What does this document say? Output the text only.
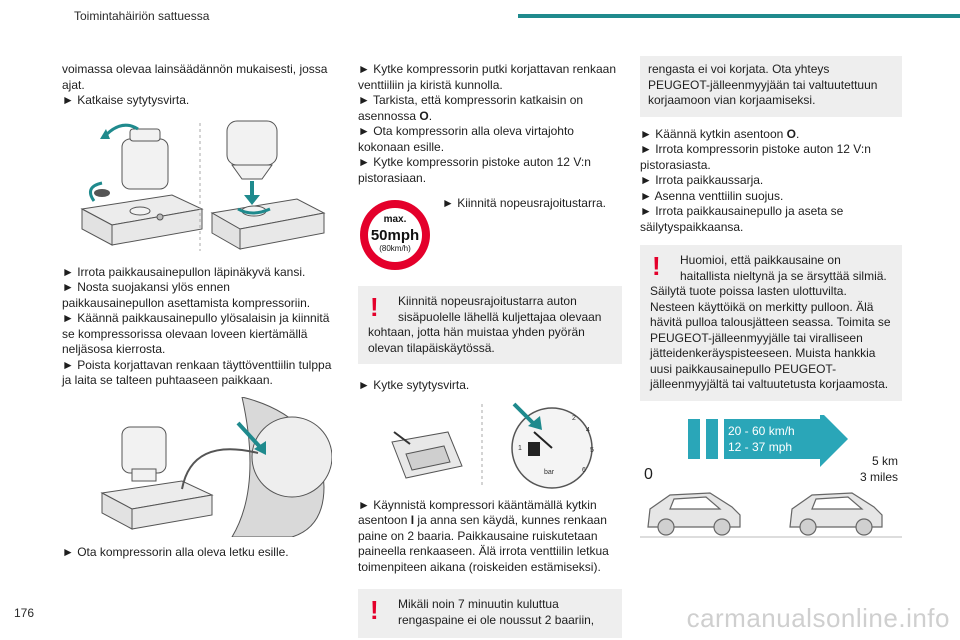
Toimintahäiriön sattuessa

voimassa olevaa lainsäädännön mukaisesti, jossa ajat.

► Katkaise sytytysvirta.

► Irrota paikkausainepullon läpinäkyvä kansi.

► Nosta suojakansi ylös ennen paikkausainepullon asettamista kompressoriin.

► Käännä paikkausainepullo ylösalaisin ja kiinnitä se kompressorissa olevaan loveen kiertämällä neljäsosa kierrosta.

► Poista korjattavan renkaan täyttöventtiilin tulppa ja laita se talteen puhtaaseen paikkaan.

► Ota kompressorin alla oleva letku esille.

► Kytke kompressorin putki korjattavan renkaan venttiiliin ja kiristä kunnolla.

► Tarkista, että kompressorin katkaisin on asennossa O.

► Ota kompressorin alla oleva virtajohto kokonaan esille.

► Kytke kompressorin pistoke auton 12 V:n pistorasiaan.

max.
50mph
(80km/h)
► Kiinnitä nopeusrajoitustarra.
!	Kiinnitä nopeusrajoitustarra auton sisäpuolelle lähellä kuljettajaa olevaan
kohtaan, jotta hän muistaa yhden pyörän olevan tilapäiskäytössä.

► Kytke sytytysvirta.

2
4
5
6
1
bar

► Käynnistä kompressori kääntämällä kytkin asentoon I ja anna sen käydä, kunnes renkaan paine on 2 baaria. Paikkausaine ruiskutetaan paineella renkaaseen. Älä irrota venttiilin letkua toimenpiteen aikana (roiskeiden estämiseksi).

!	Mikäli noin 7 minuutin kuluttua rengaspaine ei ole noussut 2 baariin,
rengasta ei voi korjata. Ota yhteys PEUGEOT-jälleenmyyjään tai valtuutettuun korjaamoon vian korjaamiseksi.

► Käännä kytkin asentoon O.

► Irrota kompressorin pistoke auton 12 V:n pistorasiasta.

► Irrota paikkaussarja.

► Asenna venttiilin suojus.

► Irrota paikkausainepullo ja aseta se säilytyspaikkaansa.

!	Huomioi, että paikkausaine on haitallista nieltynä ja se ärsyttää silmiä.
Säilytä tuote poissa lasten ulottuvilta. Nesteen käyttöikä on merkitty pulloon. Älä hävitä pulloa talousjätteen seassa. Toimita se PEUGEOT-jälleenmyyjälle tai viralliseen jätteidenkeräyspisteeseen. Muista hankkia uusi paikkausainepullo PEUGEOT-jälleenmyyjältä tai valtuutetusta korjaamosta.
20 - 60 km/h
12 - 37 mph
0
5 km
3 miles
176	carmanualsonline.info
